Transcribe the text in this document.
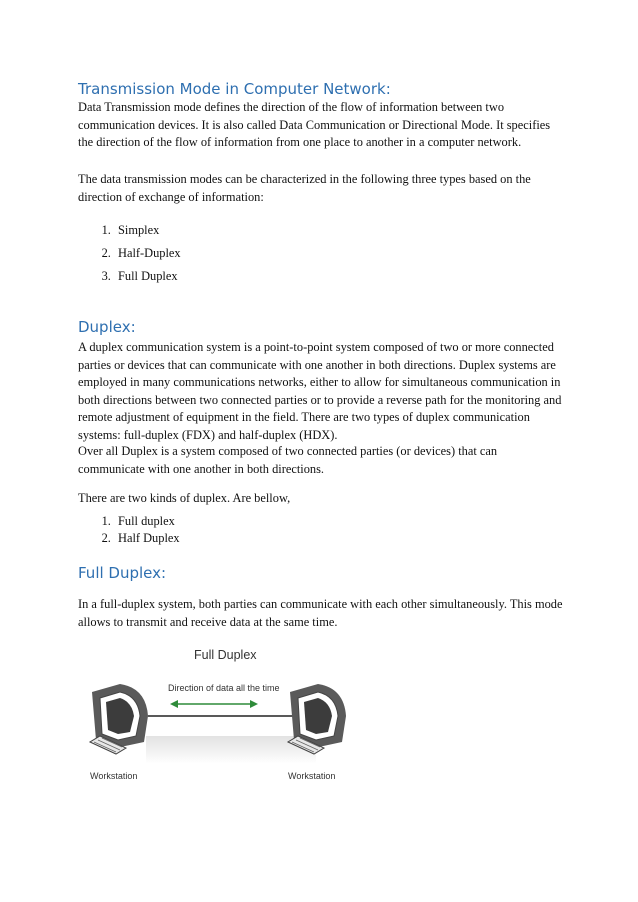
Transmission Mode in Computer Network:

Data Transmission mode defines the direction of the flow of information between two communication devices. It is also called Data Communication or Directional Mode. It specifies the direction of the flow of information from one place to another in a computer network.

The data transmission modes can be characterized in the following three types based on the direction of exchange of information:

1. Simplex
2. Half-Duplex
3. Full Duplex
Duplex:

A duplex communication system is a point-to-point system composed of two or more connected parties or devices that can communicate with one another in both directions. Duplex systems are employed in many communications networks, either to allow for simultaneous communication in both directions between two connected parties or to provide a reverse path for the monitoring and remote adjustment of equipment in the field. There are two types of duplex communication systems: full-duplex (FDX) and half-duplex (HDX).

Over all Duplex is a system composed of two connected parties (or devices) that can communicate with one another in both directions.

There are two kinds of duplex. Are bellow,

1. Full duplex
2. Half Duplex
Full Duplex:

In a full-duplex system, both parties can communicate with each other simultaneously. This mode allows to transmit and receive data at the same time.

Full Duplex
Direction of data all the time
Workstation	Workstation
